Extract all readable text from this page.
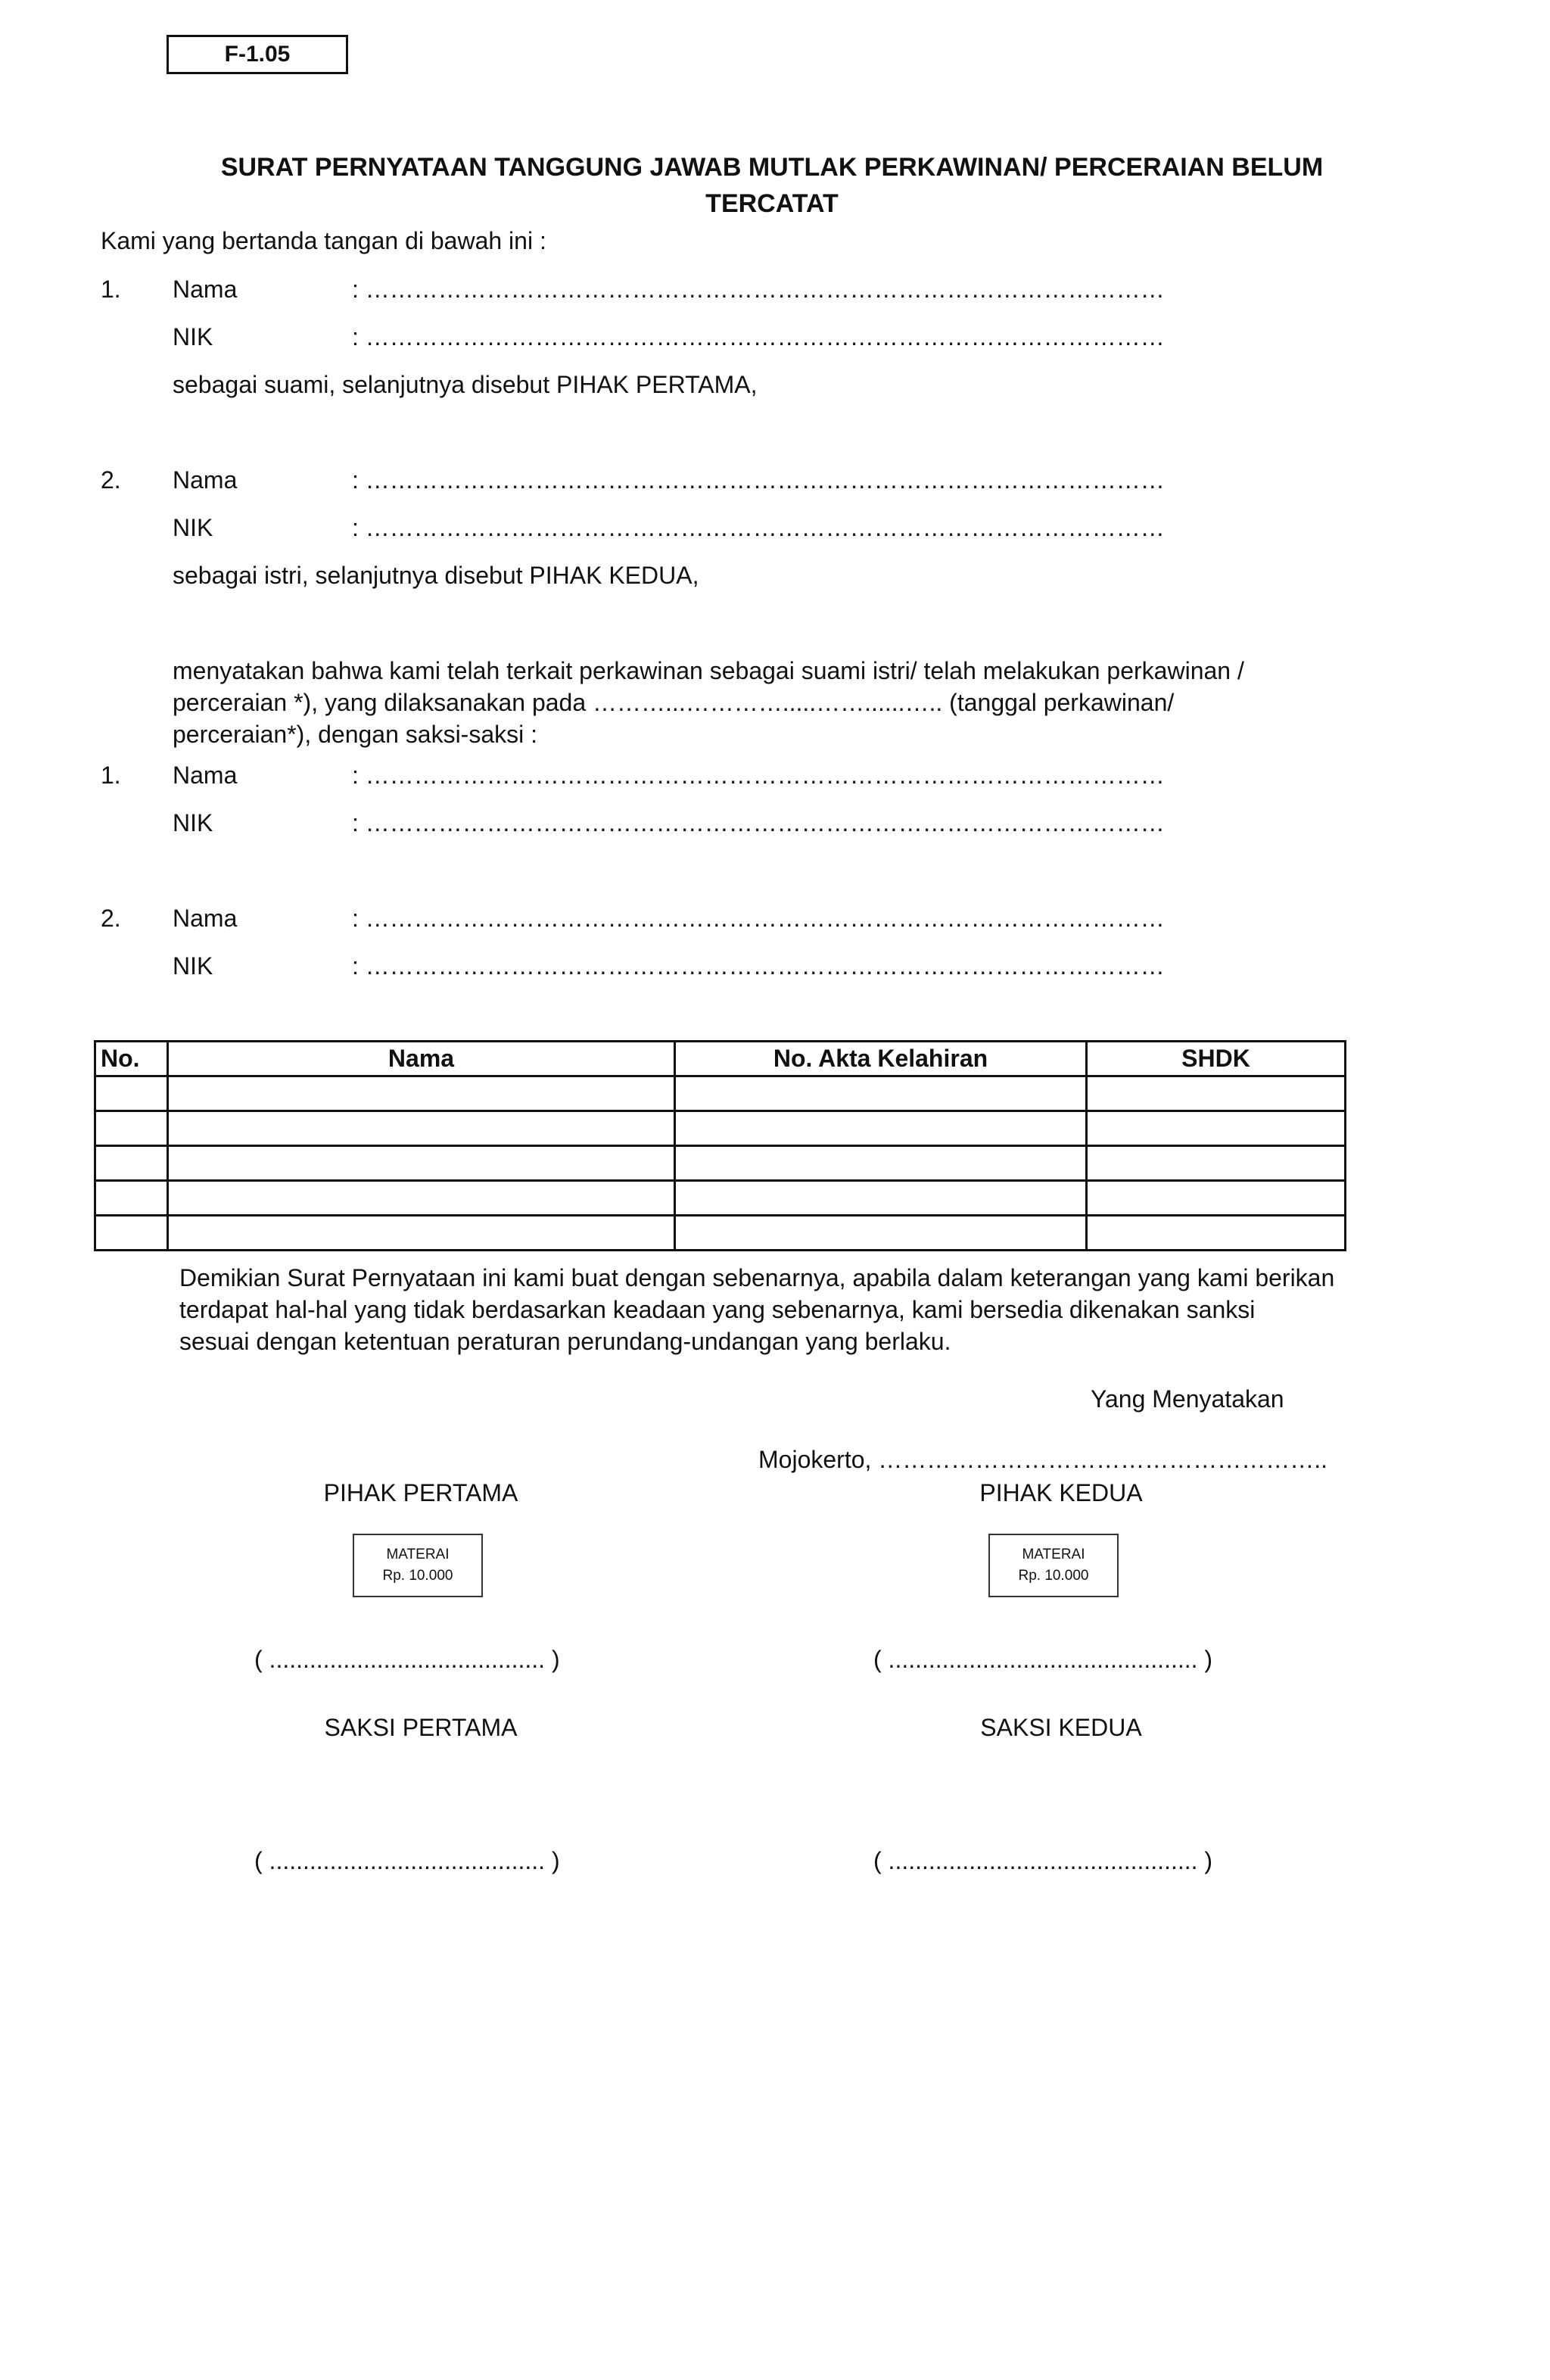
F-1.05
SURAT PERNYATAAN TANGGUNG JAWAB MUTLAK PERKAWINAN/ PERCERAIAN BELUM
TERCATAT
Kami yang bertanda tangan di bawah ini :
1. Nama	: ………………………………………………………………………………………
NIK	: ………………………………………………………………………………………
sebagai suami, selanjutnya disebut PIHAK PERTAMA,
2. Nama	: ………………………………………………………………………………………
NIK	: ………………………………………………………………………………………
sebagai istri, selanjutnya disebut PIHAK KEDUA,
menyatakan bahwa kami telah terkait perkawinan sebagai suami istri/ telah melakukan perkawinan /
perceraian *), yang dilaksanakan pada ………...………….....……......….. (tanggal perkawinan/
perceraian*), dengan saksi-saksi :
1. Nama	: ………………………………………………………………………………………
NIK	: ………………………………………………………………………………………
2. Nama	: ………………………………………………………………………………………
NIK	: ………………………………………………………………………………………
No.	Nama	No. Akta Kelahiran	SHDK

Demikian Surat Pernyataan ini kami buat dengan sebenarnya, apabila dalam keterangan yang kami berikan
terdapat hal-hal yang tidak berdasarkan keadaan yang sebenarnya, kami bersedia dikenakan sanksi
sesuai dengan ketentuan peraturan perundang-undangan yang berlaku.
Yang Menyatakan
Mojokerto, ………………………………………………..
PIHAK PERTAMA	PIHAK KEDUA
MATERAI
Rp. 10.000
MATERAI
Rp. 10.000
( ......................................... )	( .............................................. )
SAKSI PERTAMA	SAKSI KEDUA
( ......................................... )	( .............................................. )
